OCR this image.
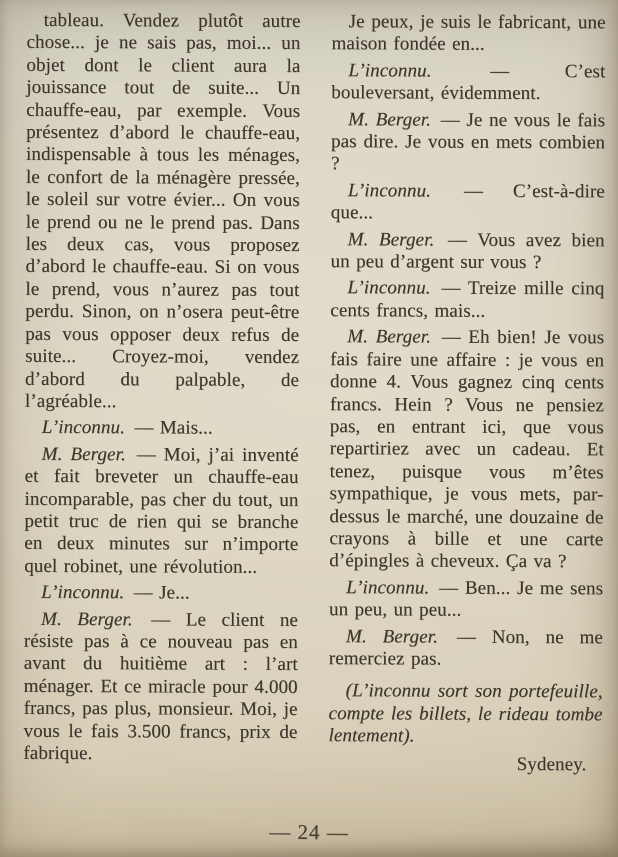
tableau. Vendez plutôt autre chose... je ne sais pas, moi... un objet dont le client aura la jouissance tout de suite... Un chauffe-eau, par exemple. Vous présentez d’abord le chauffe-eau, indispensable à tous les ménages, le confort de la ménagère pressée, le soleil sur votre évier... On vous le prend ou ne le prend pas. Dans les deux cas, vous proposez d’abord le chauffe-eau. Si on vous le prend, vous n’aurez pas tout perdu. Sinon, on n’osera peut-être pas vous opposer deux refus de suite... Croyez-moi, vendez d’abord du palpable, de l’agréable...

L’inconnu. — Mais...

M. Berger. — Moi, j’ai inventé et fait breveter un chauffe-eau incomparable, pas cher du tout, un petit truc de rien qui se branche en deux minutes sur n’importe quel robinet, une révolution...

L’inconnu. — Je...

M. Berger. — Le client ne résiste pas à ce nouveau pas en avant du huitième art : l’art ménager. Et ce miracle pour 4.000 francs, pas plus, monsieur. Moi, je vous le fais 3.500 francs, prix de fabrique.

Je peux, je suis le fabricant, une maison fondée en...

L’inconnu.	— C’est bouleversant, évidemment.

M. Berger. — Je ne vous le fais pas dire. Je vous en mets combien ?

L’inconnu. — C’est-à-dire que...

M. Berger. — Vous avez bien un peu d’argent sur vous ?

L’inconnu. — Treize mille cinq cents francs, mais...

M. Berger. — Eh bien! Je vous fais faire une affaire : je vous en donne 4. Vous gagnez cinq cents francs. Hein ? Vous ne pensiez pas, en entrant ici, que vous repartiriez avec un cadeau. Et tenez, puisque vous m’êtes sympathique, je vous mets, par-dessus le marché, une douzaine de crayons à bille et une carte d’épingles à cheveux. Ça va ?

L’inconnu. — Ben... Je me sens un peu, un peu...

M. Berger. — Non, ne me remerciez pas.

(L’inconnu sort son portefeuille, compte les billets, le rideau tombe lentement).

Sydeney.

— 24 —
